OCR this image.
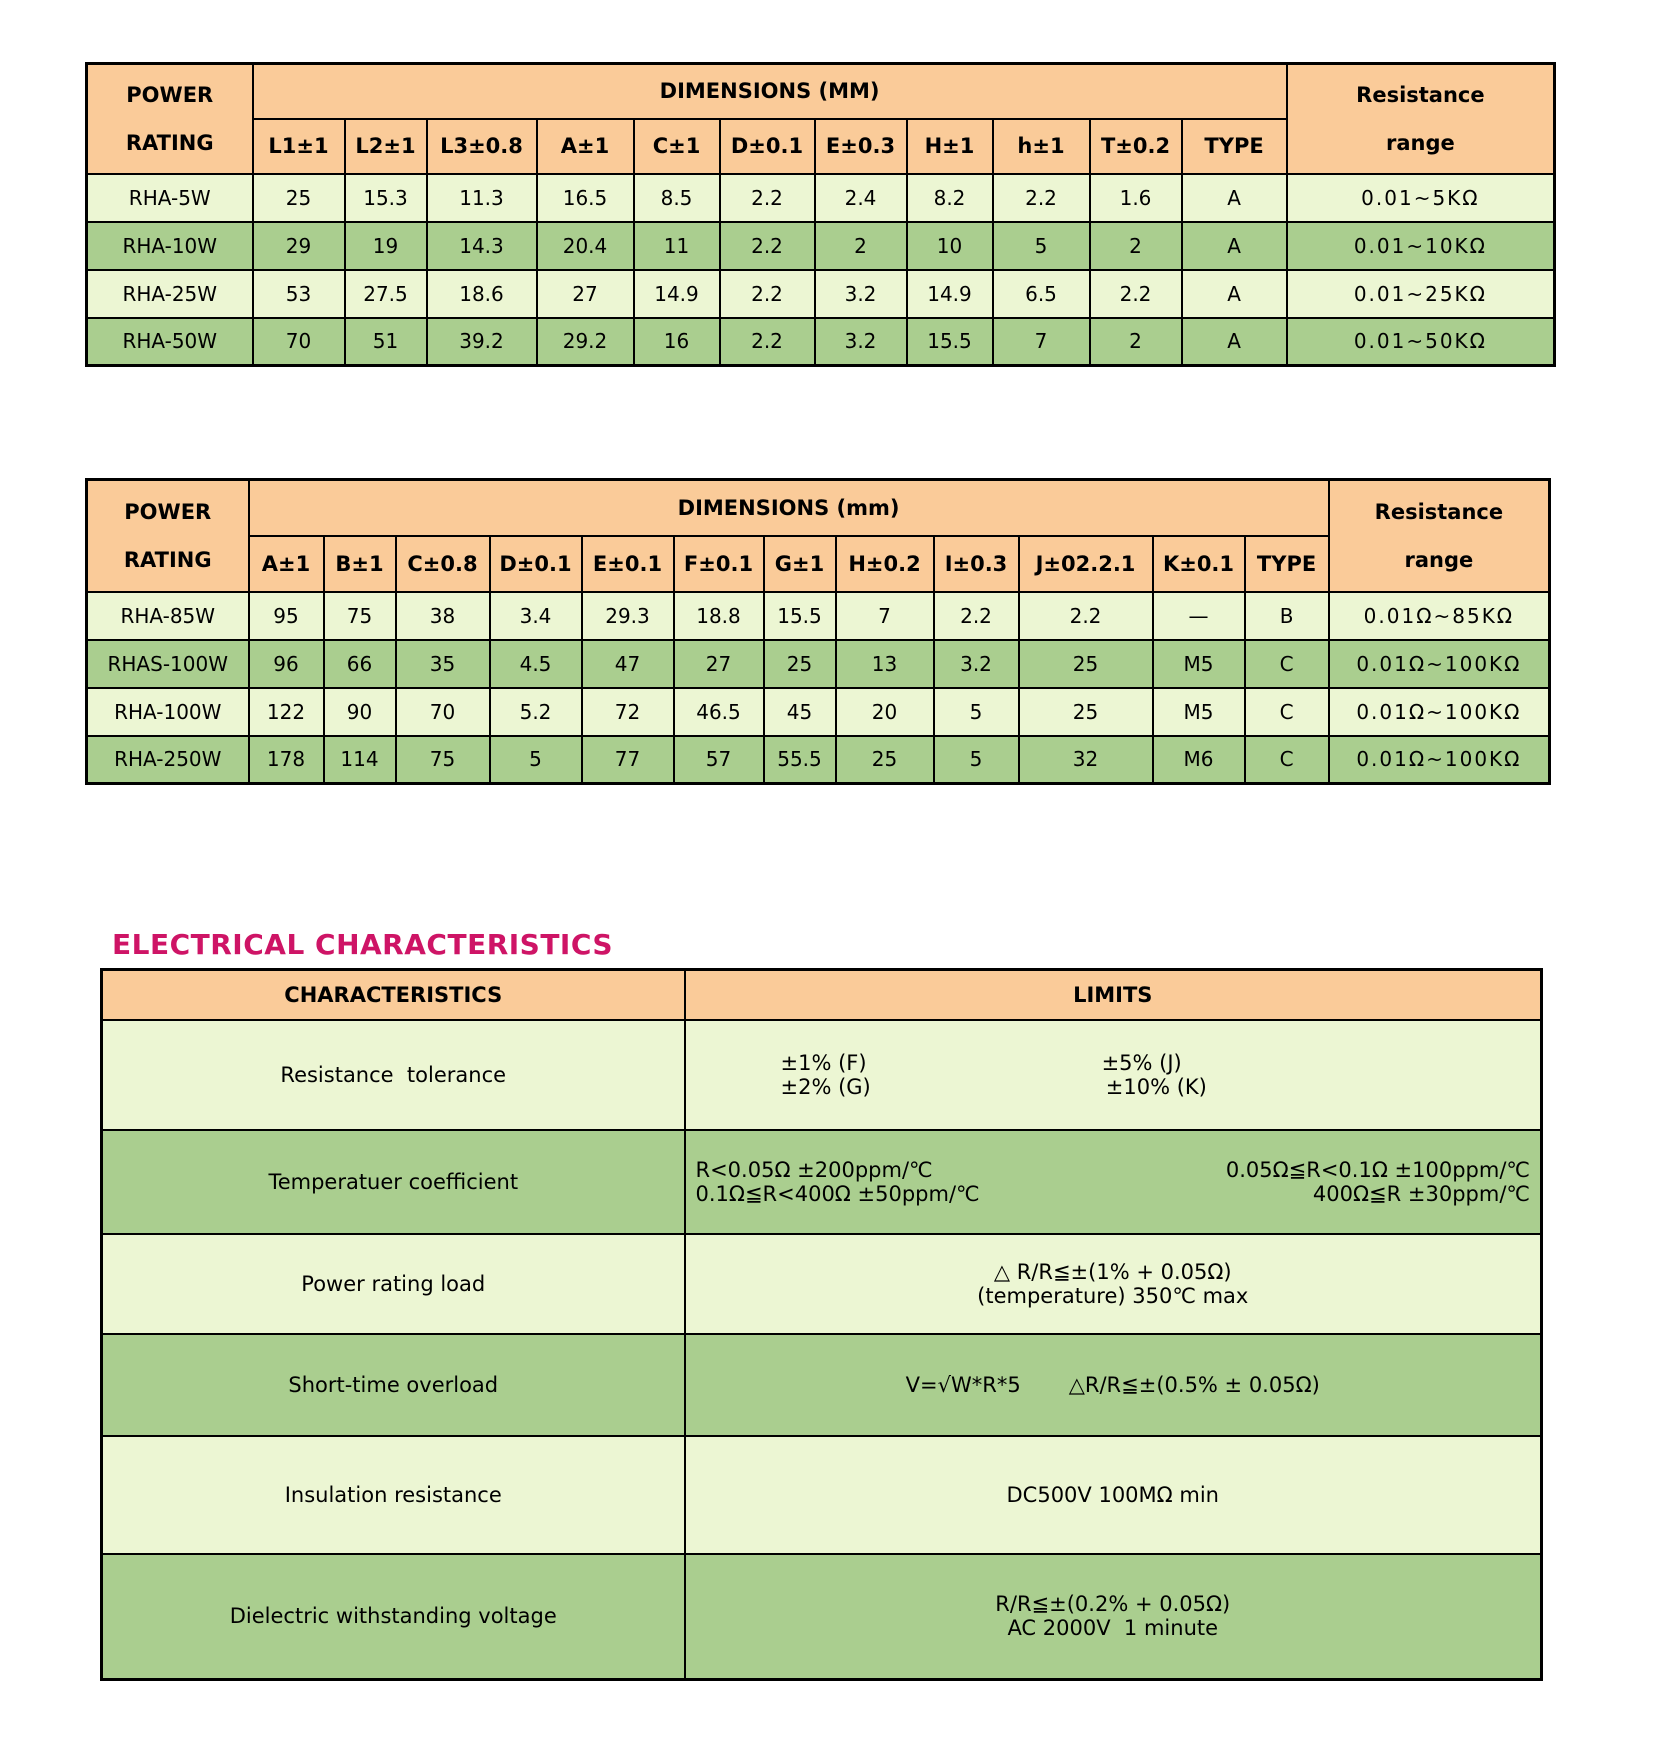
POWER
RATING	DIMENSIONS (MM)											Resistance
range

	L1±1	L2±1	L3±0.8	A±1	C±1	D±0.1	E±0.3	H±1	h±1	T±0.2	TYPE	
RHA-5W	25	15.3	11.3	16.5	8.5	2.2	2.4	8.2	2.2	1.6	A	0.01~5KΩ
RHA-10W	29	19	14.3	20.4	11	2.2	2	10	5	2	A	0.01~10KΩ
RHA-25W	53	27.5	18.6	27	14.9	2.2	3.2	14.9	6.5	2.2	A	0.01~25KΩ
RHA-50W	70	51	39.2	29.2	16	2.2	3.2	15.5	7	2	A	0.01~50KΩ
POWER
RATING	DIMENSIONS (mm)												Resistance
range

	A±1	B±1	C±0.8	D±0.1	E±0.1	F±0.1	G±1	H±0.2	I±0.3	J±02.2.1	K±0.1	TYPE	
RHA-85W	95	75	38	3.4	29.3	18.8	15.5	7	2.2	2.2	—	B	0.01Ω~85KΩ
RHAS-100W	96	66	35	4.5	47	27	25	13	3.2	25	M5	C	0.01Ω~100KΩ
RHA-100W	122	90	70	5.2	72	46.5	45	20	5	25	M5	C	0.01Ω~100KΩ
RHA-250W	178	114	75	5	77	57	55.5	25	5	32	M6	C	0.01Ω~100KΩ
ELECTRICAL CHARACTERISTICS
CHARACTERISTICS	LIMITS
Resistance  tolerance	±1% (F) ±5% (J)
±2% (G) ±10% (K)

Temperatuer coefficient	R<0.05Ω ±200ppm/℃ 0.05Ω≦R<0.1Ω ±100ppm/℃
0.1Ω≦R<400Ω ±50ppm/℃ 400Ω≦R ±30ppm/℃

Power rating load	△ R/R≦±(1% + 0.05Ω)
(temperature) 350℃ max

Short-time overload	V=√W*R*5 △R/R≦±(0.5% ± 0.05Ω)

Insulation resistance	DC500V 100MΩ min

Dielectric withstanding voltage	R/R≦±(0.2% + 0.05Ω)
AC 2000V  1 minute
